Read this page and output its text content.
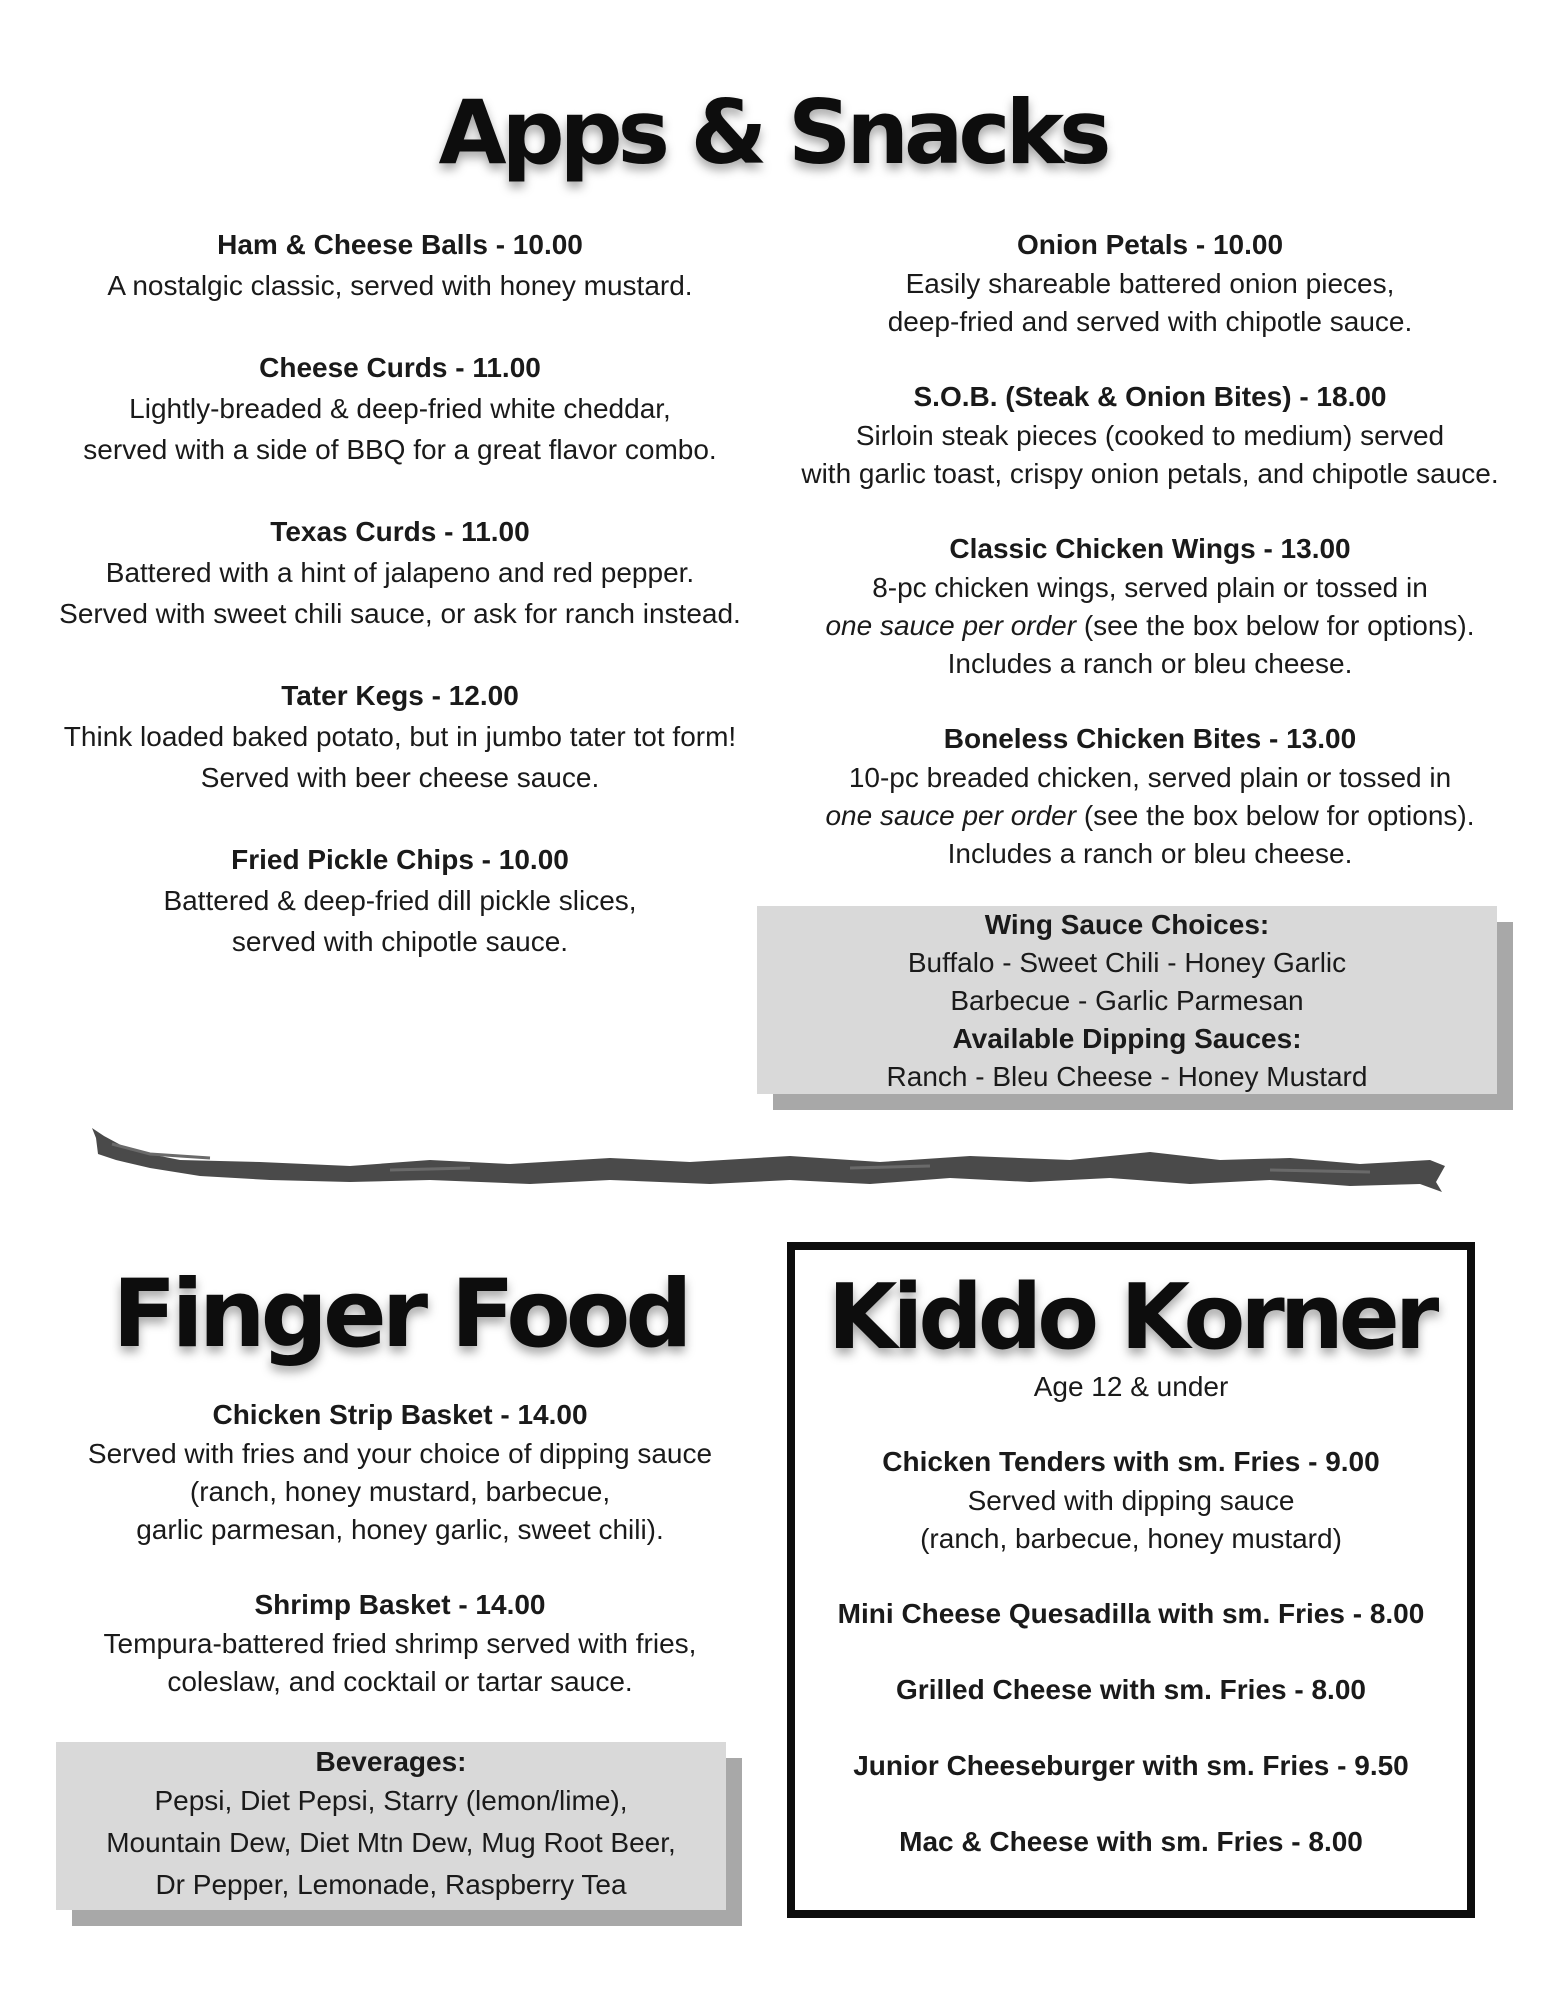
Apps & Snacks
Ham & Cheese Balls - 10.00
A nostalgic classic, served with honey mustard.
Cheese Curds - 11.00
Lightly-breaded & deep-fried white cheddar,
served with a side of BBQ for a great flavor combo.
Texas Curds - 11.00
Battered with a hint of jalapeno and red pepper.
Served with sweet chili sauce, or ask for ranch instead.
Tater Kegs - 12.00
Think loaded baked potato, but in jumbo tater tot form!
Served with beer cheese sauce.
Fried Pickle Chips - 10.00
Battered & deep-fried dill pickle slices,
served with chipotle sauce.
Onion Petals - 10.00
Easily shareable battered onion pieces,
deep-fried and served with chipotle sauce.
S.O.B. (Steak & Onion Bites) - 18.00
Sirloin steak pieces (cooked to medium) served
with garlic toast, crispy onion petals, and chipotle sauce.
Classic Chicken Wings - 13.00
8-pc chicken wings, served plain or tossed in
one sauce per order (see the box below for options).
Includes a ranch or bleu cheese.
Boneless Chicken Bites - 13.00
10-pc breaded chicken, served plain or tossed in
one sauce per order (see the box below for options).
Includes a ranch or bleu cheese.
Wing Sauce Choices:
Buffalo - Sweet Chili - Honey Garlic
Barbecue - Garlic Parmesan
Available Dipping Sauces:
Ranch - Bleu Cheese - Honey Mustard
Finger Food
Chicken Strip Basket - 14.00
Served with fries and your choice of dipping sauce
(ranch, honey mustard, barbecue,
garlic parmesan, honey garlic, sweet chili).
Shrimp Basket - 14.00
Tempura-battered fried shrimp served with fries,
coleslaw, and cocktail or tartar sauce.
Beverages:
Pepsi, Diet Pepsi, Starry (lemon/lime),
Mountain Dew, Diet Mtn Dew, Mug Root Beer,
Dr Pepper, Lemonade, Raspberry Tea
Kiddo Korner
Age 12 & under
Chicken Tenders with sm. Fries - 9.00
Served with dipping sauce
(ranch, barbecue, honey mustard)
Mini Cheese Quesadilla with sm. Fries - 8.00
Grilled Cheese with sm. Fries - 8.00
Junior Cheeseburger with sm. Fries - 9.50
Mac & Cheese with sm. Fries - 8.00
